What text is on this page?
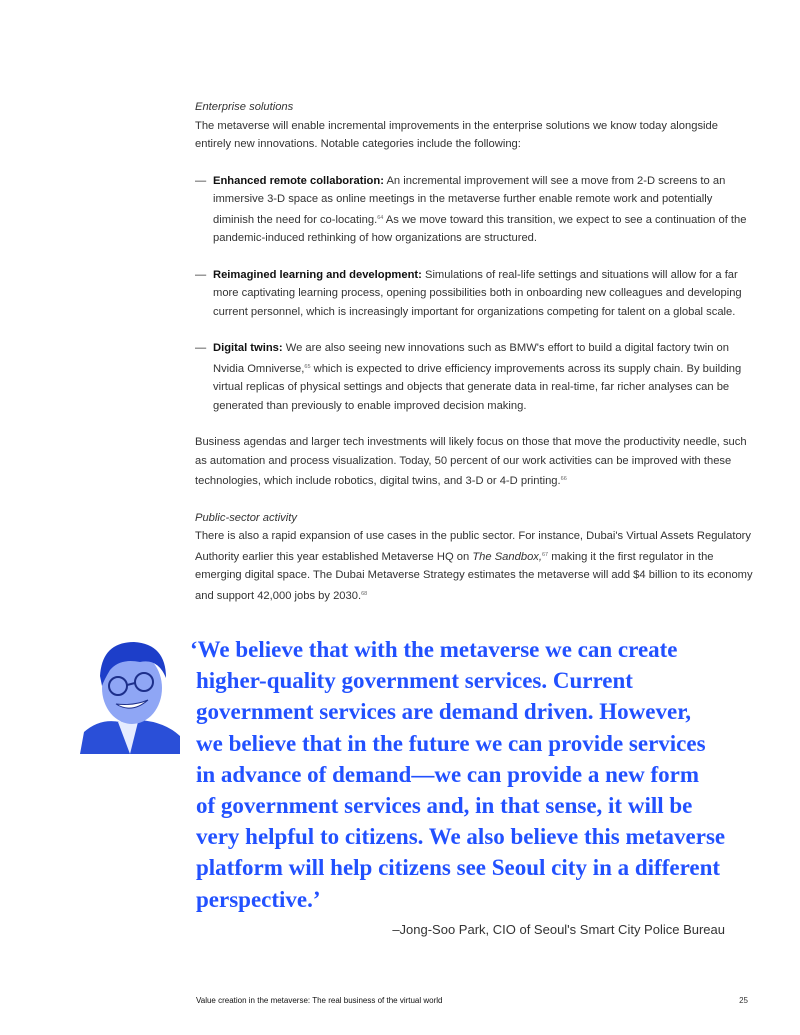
Enterprise solutions

The metaverse will enable incremental improvements in the enterprise solutions we know today alongside entirely new innovations. Notable categories include the following:

— Enhanced remote collaboration: An incremental improvement will see a move from 2-D screens to an immersive 3-D space as online meetings in the metaverse further enable remote work and potentially diminish the need for co-locating.$^{64}$ As we move toward this transition, we expect to see a continuation of the pandemic-induced rethinking of how organizations are structured.
— Reimagined learning and development: Simulations of real-life settings and situations will allow for a far more captivating learning process, opening possibilities both in onboarding new colleagues and developing current personnel, which is increasingly important for organizations competing for talent on a global scale.
— Digital twins: We are also seeing new innovations such as BMW's effort to build a digital factory twin on Nvidia Omniverse,$^{65}$ which is expected to drive efficiency improvements across its supply chain. By building virtual replicas of physical settings and objects that generate data in real-time, far richer analyses can be generated than previously to enable improved decision making.

Business agendas and larger tech investments will likely focus on those that move the productivity needle, such as automation and process visualization. Today, 50 percent of our work activities can be improved with these technologies, which include robotics, digital twins, and 3-D or 4-D printing.$^{66}$

Public-sector activity

There is also a rapid expansion of use cases in the public sector. For instance, Dubai's Virtual Assets Regulatory Authority earlier this year established Metaverse HQ on The Sandbox,$^{67}$ making it the first regulator in the emerging digital space. The Dubai Metaverse Strategy estimates the metaverse will add $4 billion to its economy and support 42,000 jobs by 2030.68

‘We believe that with the metaverse we can create
higher-quality government services. Current
government services are demand driven. However,
we believe that in the future we can provide services
in advance of demand—we can provide a new form
of government services and, in that sense, it will be
very helpful to citizens. We also believe this metaverse
platform will help citizens see Seoul city in a different
perspective.’
–Jong-Soo Park, CIO of Seoul's Smart City Police Bureau
Value creation in the metaverse: The real business of the virtual world	25
